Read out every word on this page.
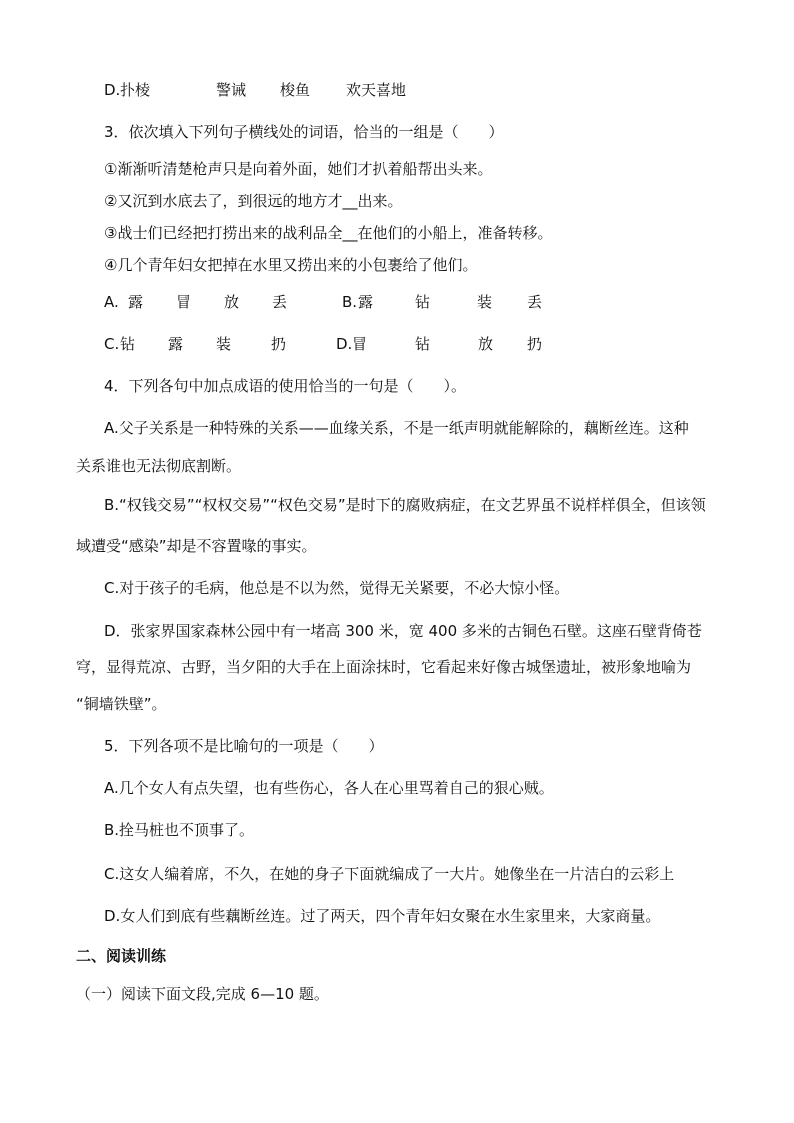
D. 扑棱	警诫 梭鱼 欢天喜地
3．依次填入下列句子横线处的词语，恰当的一组是（　　）
①渐渐听清楚枪声只是向着外面，她们才扒着船帮出头来。
②又沉到水底去了，到很远的地方才__出来。
③战士们已经把打捞出来的战利品全__在他们的小船上，准备转移。
④几个青年妇女把掉在水里又捞出来的小包裹给了他们。
A. 露 冒 放 丢	B. 露	钻	装 丢
C. 钻 露 装	扔	D. 冒	钻	放 扔
4．下列各句中加点成语的使用恰当的一句是（　　）。
A.父子关系是一种特殊的关系——血缘关系，不是一纸声明就能解除的，藕断丝连。这种
关系谁也无法彻底割断。
B.“权钱交易”“权权交易”“权色交易”是时下的腐败病症，在文艺界虽不说样样俱全，但该领
域遭受“感染”却是不容置喙的事实。
C.对于孩子的毛病，他总是不以为然，觉得无关紧要，不必大惊小怪。
D．张家界国家森林公园中有一堵高 300 米，宽 400 多米的古铜色石壁。这座石壁背倚苍
穹，显得荒凉、古野，当夕阳的大手在上面涂抹时，它看起来好像古城堡遗址，被形象地喻为
“铜墙铁壁”。
5．下列各项不是比喻句的一项是（　　）
A.几个女人有点失望，也有些伤心，各人在心里骂着自己的狠心贼。
B.拴马桩也不顶事了。
C.这女人编着席，不久，在她的身子下面就编成了一大片。她像坐在一片洁白的云彩上
D.女人们到底有些藕断丝连。过了两天，四个青年妇女聚在水生家里来，大家商量。
二、阅读训练
（一）阅读下面文段,完成 6—10 题。
